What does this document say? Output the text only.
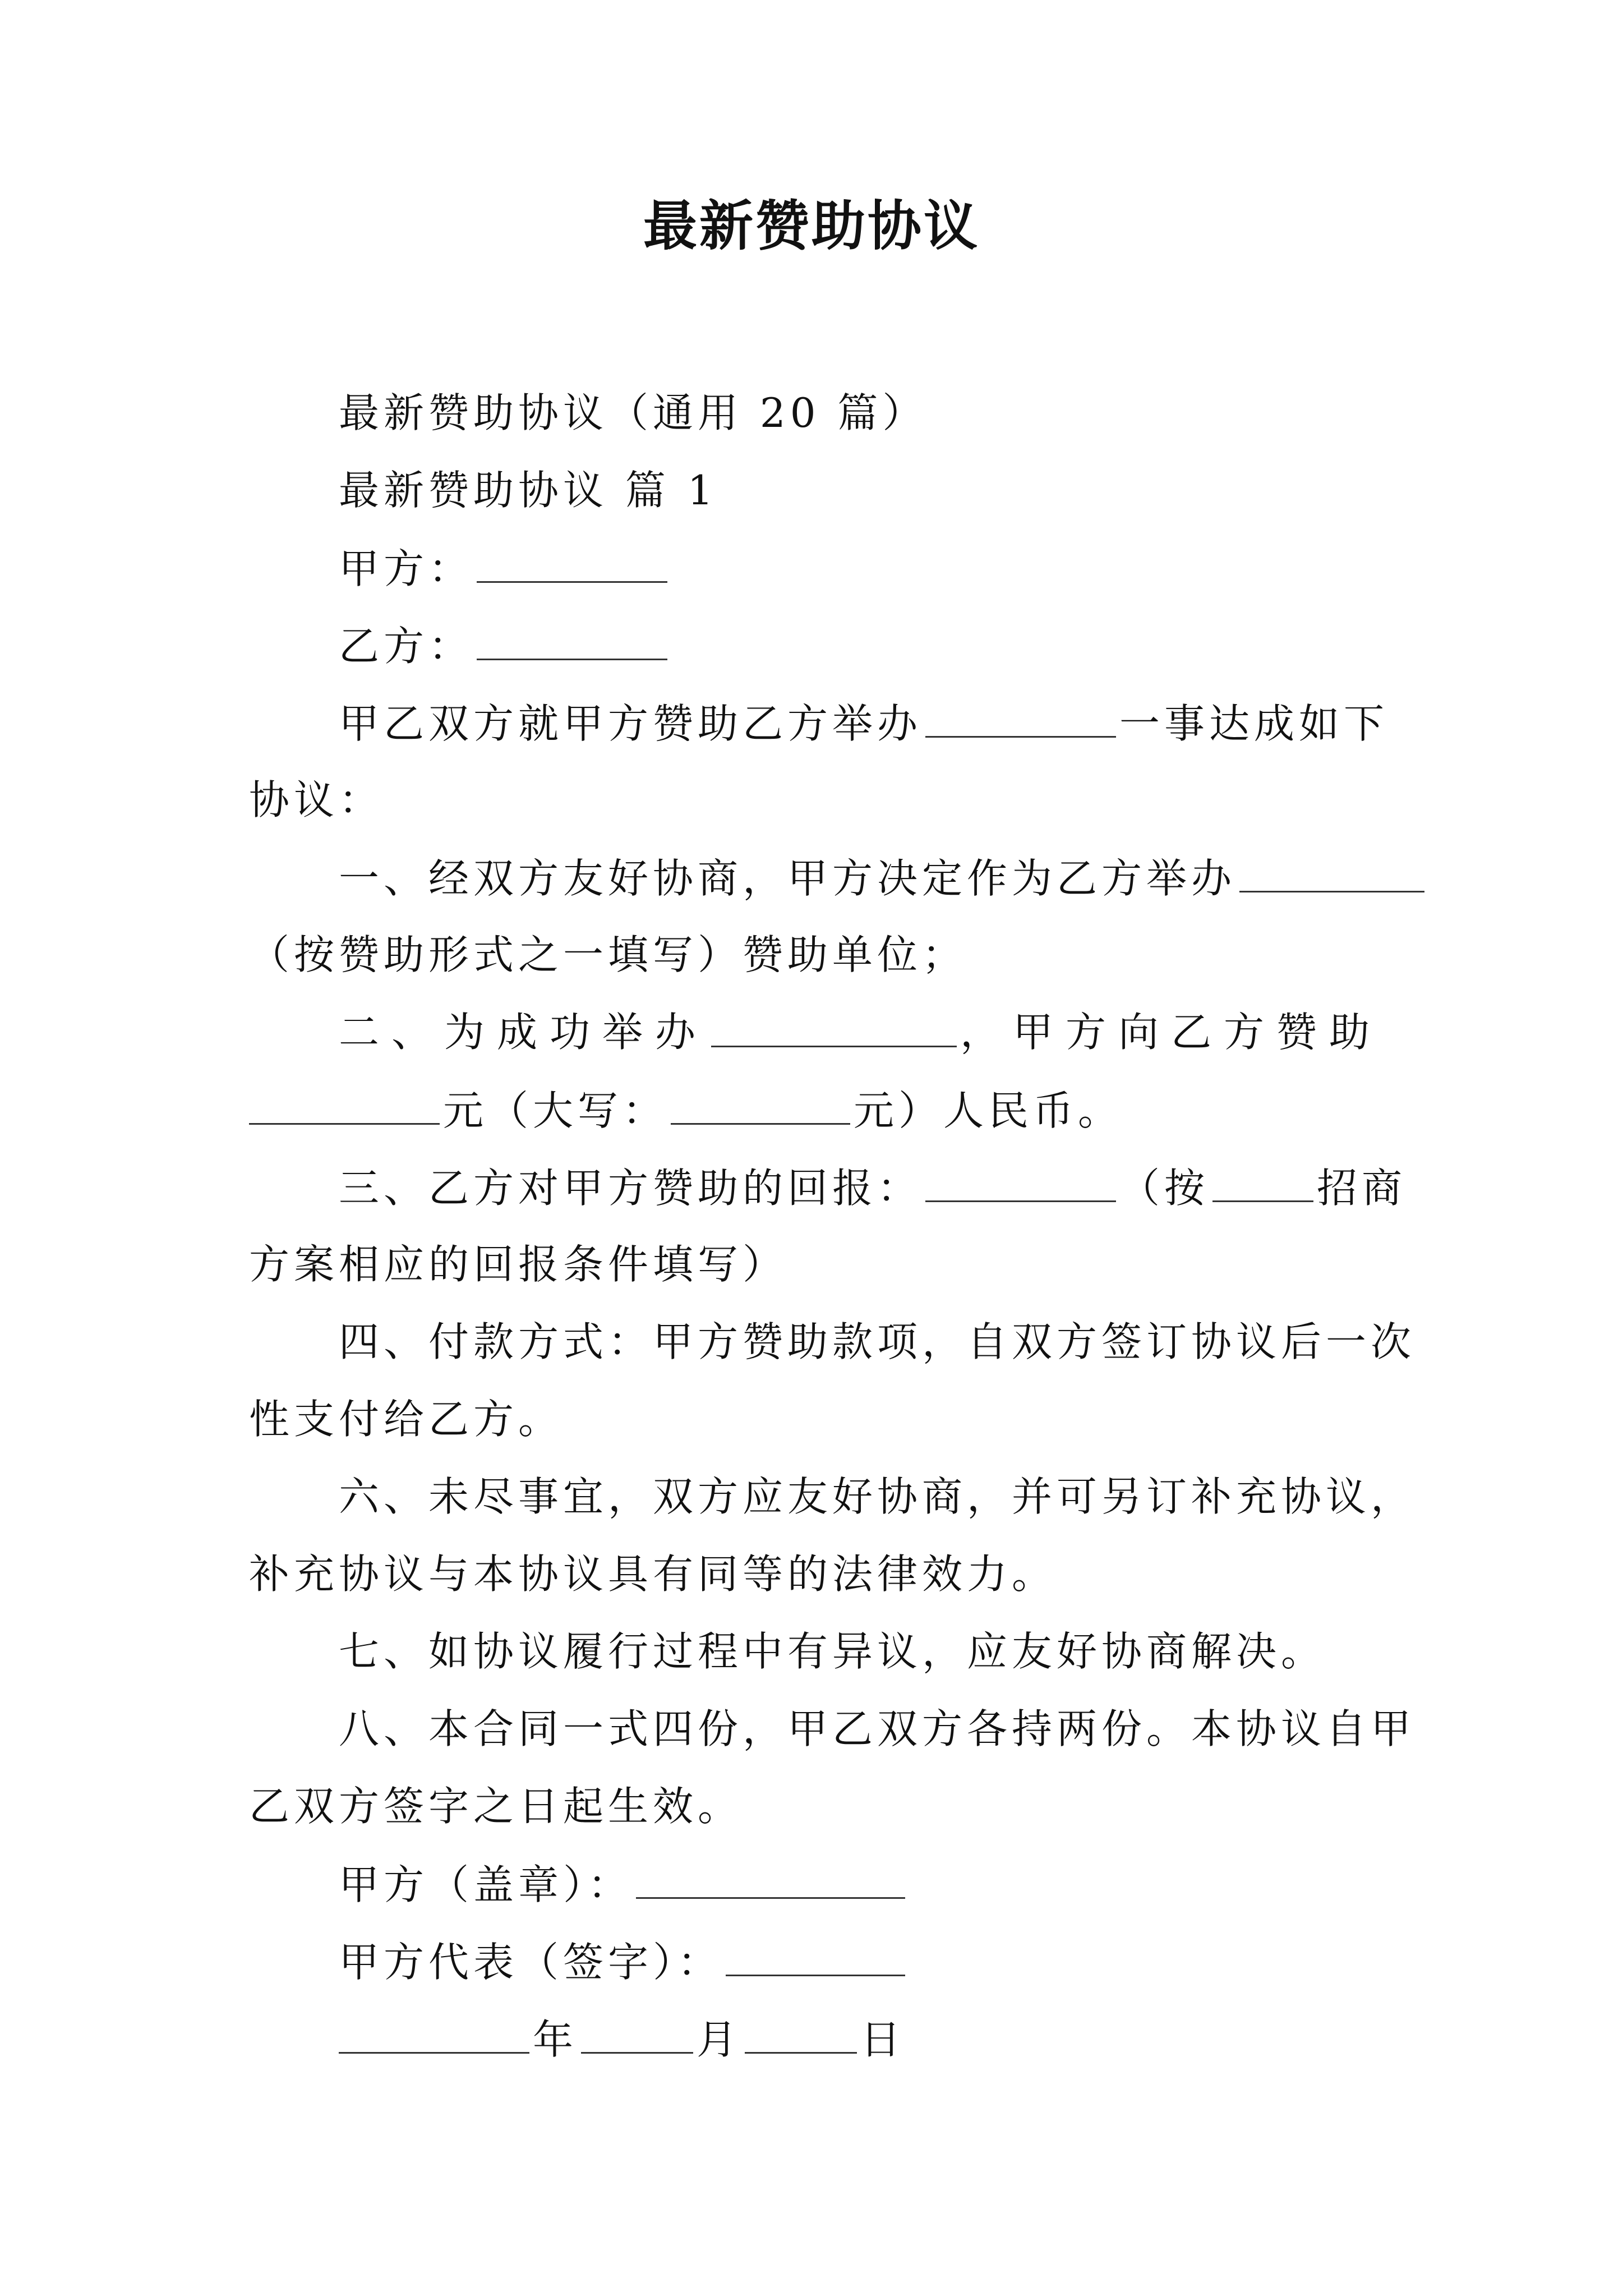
最新赞助协议
最新赞助协议（通用 20 篇）
最新赞助协议 篇 1
甲方：
乙方：
甲乙双方就甲方赞助乙方举办	一事达成如下
协议：
一、经双方友好协商，甲方决定作为乙方举办
（按赞助形式之一填写）赞助单位；
二、为成功举办	，甲方向乙方赞助
元（大写：	元）人民币。
三、乙方对甲方赞助的回报：	（按	招商
方案相应的回报条件填写）
四、付款方式：甲方赞助款项，自双方签订协议后一次
性支付给乙方。
六、未尽事宜，双方应友好协商，并可另订补充协议，
补充协议与本协议具有同等的法律效力。
七、如协议履行过程中有异议，应友好协商解决。
八、本合同一式四份，甲乙双方各持两份。本协议自甲
乙双方签字之日起生效。
甲方（盖章）：
甲方代表（签字）：
年	月	日
